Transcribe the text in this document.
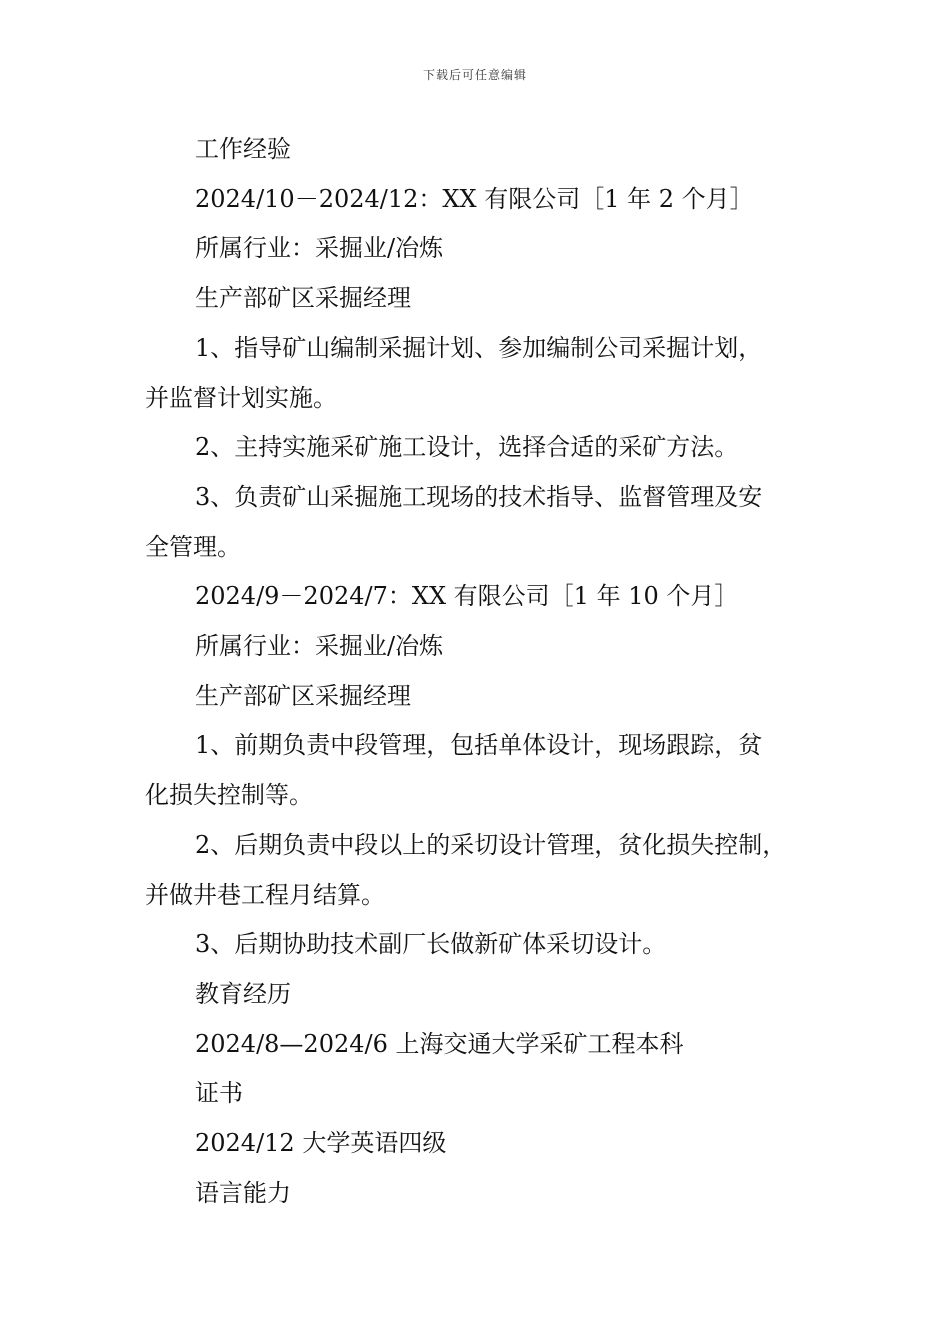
下载后可任意编辑

工作经验

2024/10－2024/12：XX 有限公司［1 年 2 个月］

所属行业：采掘业/冶炼

生产部矿区采掘经理

1、指导矿山编制采掘计划、参加编制公司采掘计划，

并监督计划实施。

2、主持实施采矿施工设计，选择合适的采矿方法。

3、负责矿山采掘施工现场的技术指导、监督管理及安

全管理。

2024/9－2024/7：XX 有限公司［1 年 10 个月］

所属行业：采掘业/冶炼

生产部矿区采掘经理

1、前期负责中段管理，包括单体设计，现场跟踪，贫

化损失控制等。

2、后期负责中段以上的采切设计管理，贫化损失控制，

并做井巷工程月结算。

3、后期协助技术副厂长做新矿体采切设计。

教育经历

2024/8—2024/6 上海交通大学采矿工程本科

证书

2024/12 大学英语四级

语言能力
